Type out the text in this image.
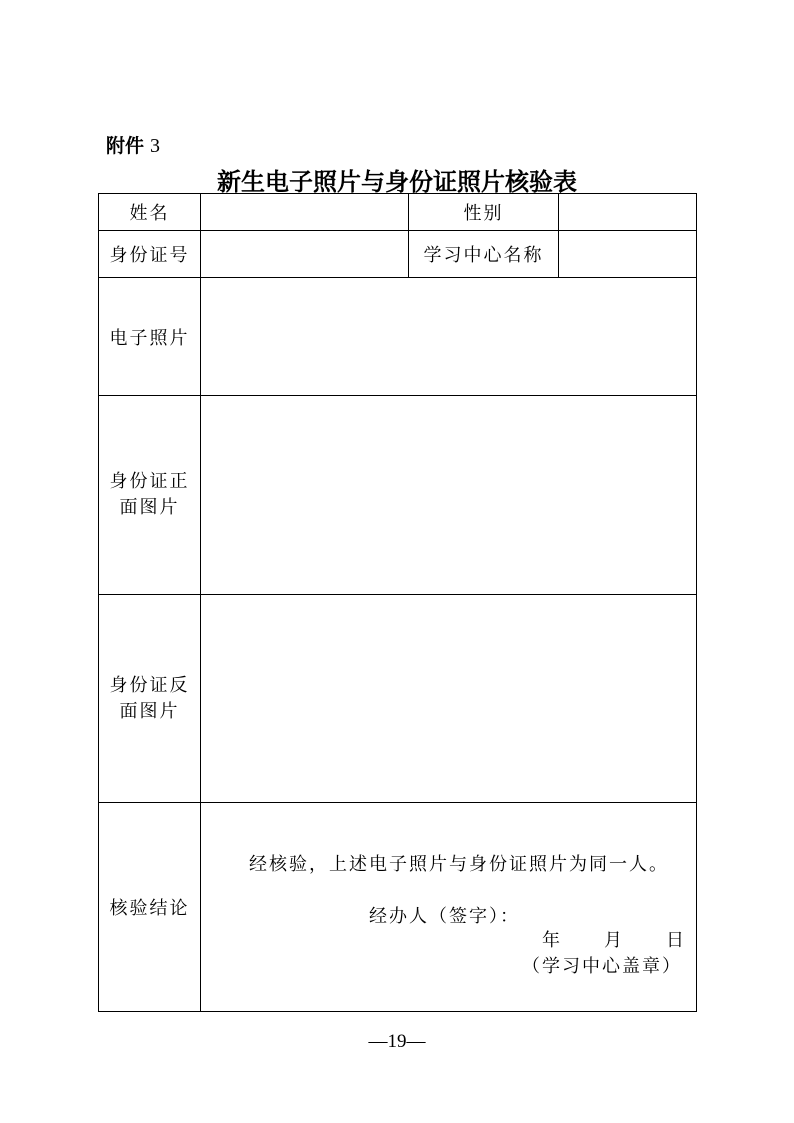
附件 3
新生电子照片与身份证照片核验表
姓名		性别	
身份证号		学习中心名称	
电子照片			

身份证正
面图片			

身份证反
面图片			

核验结论	经核验，上述电子照片与身份证照片为同一人。
经办人（签字）：
年 月 日
（学习中心盖章）		
—19—
